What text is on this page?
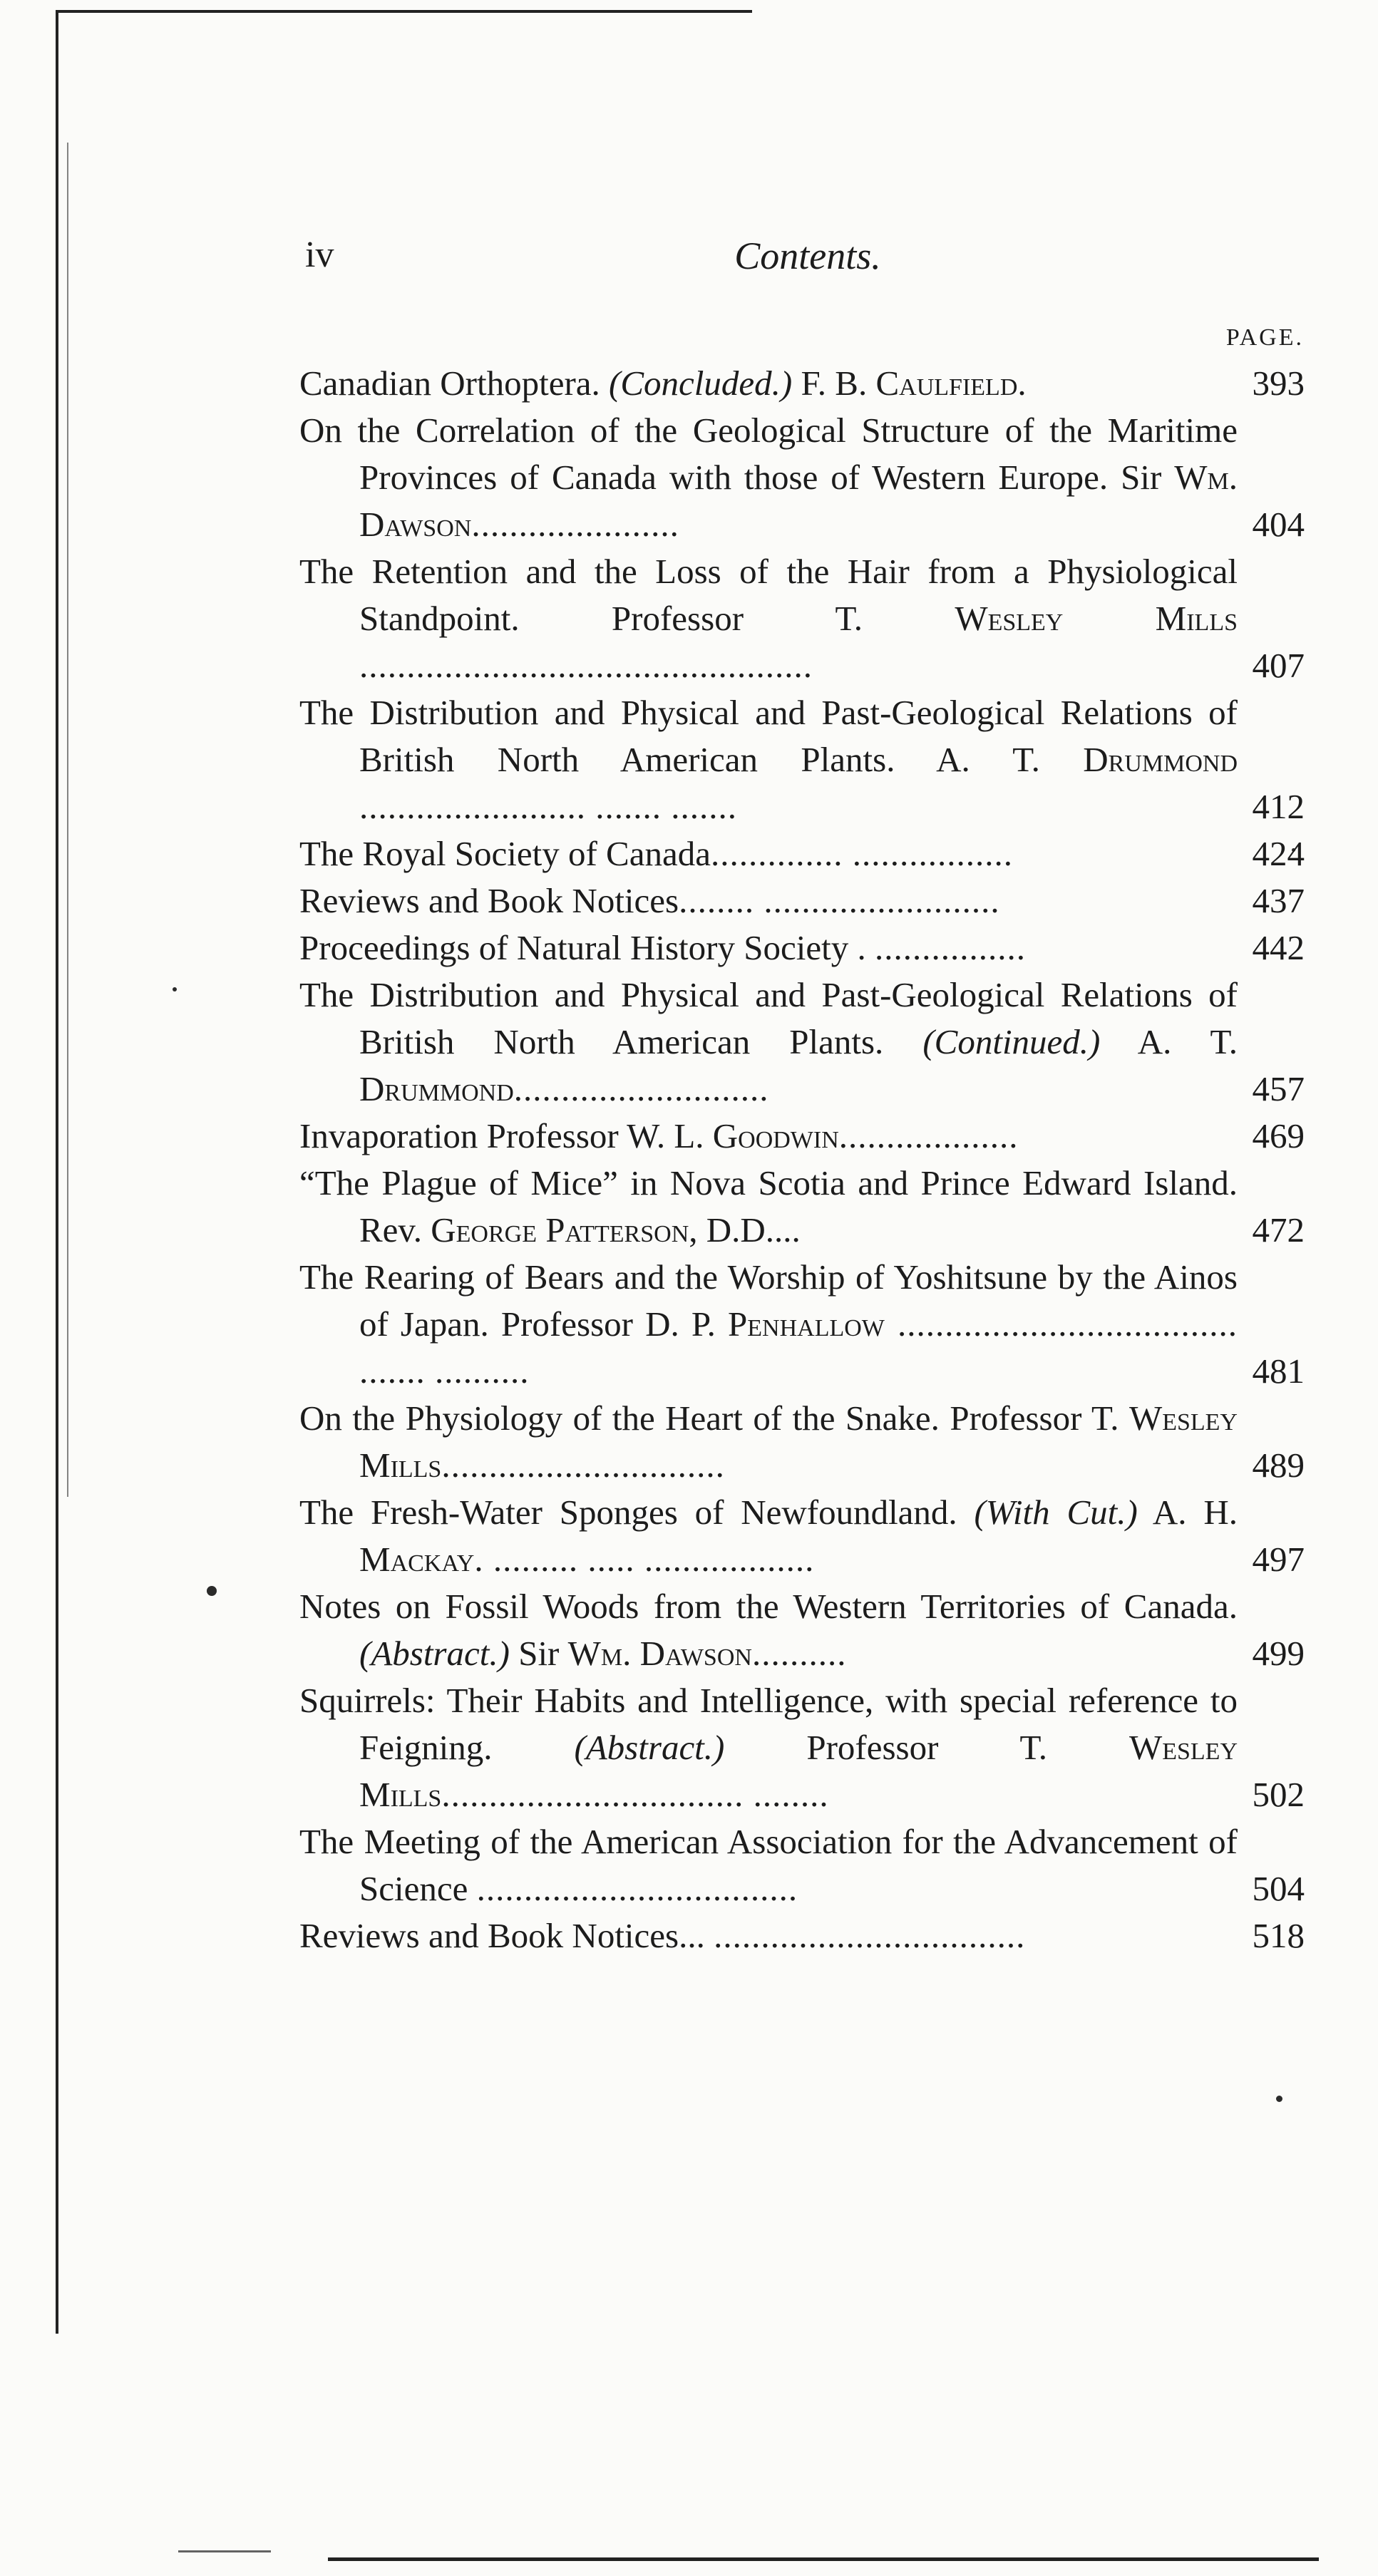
iv	Contents.
PAGE.
Canadian Orthoptera. (Concluded.) F. B. Caulfield.	393
On the Correlation of the Geological Structure of the Maritime Provinces of Canada with those of Western Europe. Sir Wm. Dawson......................	404
The Retention and the Loss of the Hair from a Physiological Standpoint. Professor T. Wesley Mills ................................................	407
The Distribution and Physical and Past-Geological Relations of British North American Plants. A. T. Drummond ........................ ....... .......	412
The Royal Society of Canada.............. .................	424
Reviews and Book Notices........ .........................	437
Proceedings of Natural History Society . ................	442
The Distribution and Physical and Past-Geological Relations of British North American Plants. (Continued.) A. T. Drummond...........................	457
Invaporation Professor W. L. Goodwin...................	469
“The Plague of Mice” in Nova Scotia and Prince Edward Island. Rev. George Patterson, D.D....	472
The Rearing of Bears and the Worship of Yoshitsune by the Ainos of Japan. Professor D. P. Penhallow .................................... ....... ..........	481
On the Physiology of the Heart of the Snake. Professor T. Wesley Mills..............................	489
The Fresh-Water Sponges of Newfoundland. (With Cut.) A. H. Mackay. ......... ..... ..................	497
Notes on Fossil Woods from the Western Territories of Canada. (Abstract.) Sir Wm. Dawson..........	499
Squirrels: Their Habits and Intelligence, with special reference to Feigning. (Abstract.) Professor T. Wesley Mills................................ ........	502
The Meeting of the American Association for the Advancement of Science ..................................	504
Reviews and Book Notices... .................................	518
